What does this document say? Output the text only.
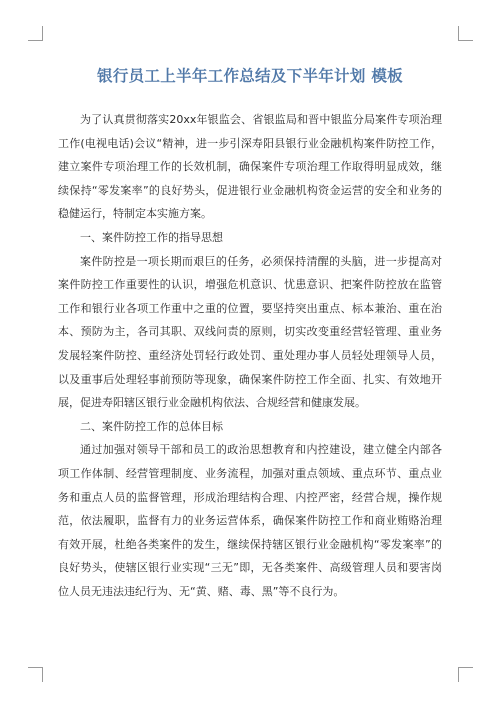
银行员工上半年工作总结及下半年计划 模板

为了认真贯彻落实20xx年银监会、省银监局和晋中银监分局案件专项治理工作(电视电话)会议“精神，进一步引深寿阳县银行业金融机构案件防控工作，建立案件专项治理工作的长效机制，确保案件专项治理工作取得明显成效，继续保持“零发案率”的良好势头，促进银行业金融机构资金运营的安全和业务的稳健运行，特制定本实施方案。

一、案件防控工作的指导思想

案件防控是一项长期而艰巨的任务，必须保持清醒的头脑，进一步提高对案件防控工作重要性的认识，增强危机意识、忧患意识、把案件防控放在监管工作和银行业各项工作重中之重的位置，要坚持突出重点、标本兼治、重在治本、预防为主，各司其职、双线问责的原则，切实改变重经营轻管理、重业务发展轻案件防控、重经济处罚轻行政处罚、重处理办事人员轻处理领导人员，以及重事后处理轻事前预防等现象，确保案件防控工作全面、扎实、有效地开展，促进寿阳辖区银行业金融机构依法、合规经营和健康发展。

二、案件防控工作的总体目标

通过加强对领导干部和员工的政治思想教育和内控建设，建立健全内部各项工作体制、经营管理制度、业务流程，加强对重点领域、重点环节、重点业务和重点人员的监督管理，形成治理结构合理、内控严密，经营合规，操作规范，依法履职，监督有力的业务运营体系，确保案件防控工作和商业贿赂治理有效开展，杜绝各类案件的发生，继续保持辖区银行业金融机构“零发案率”的良好势头，使辖区银行业实现“三无”即，无各类案件、高级管理人员和要害岗位人员无违法违纪行为、无“黄、赌、毒、黑”等不良行为。
